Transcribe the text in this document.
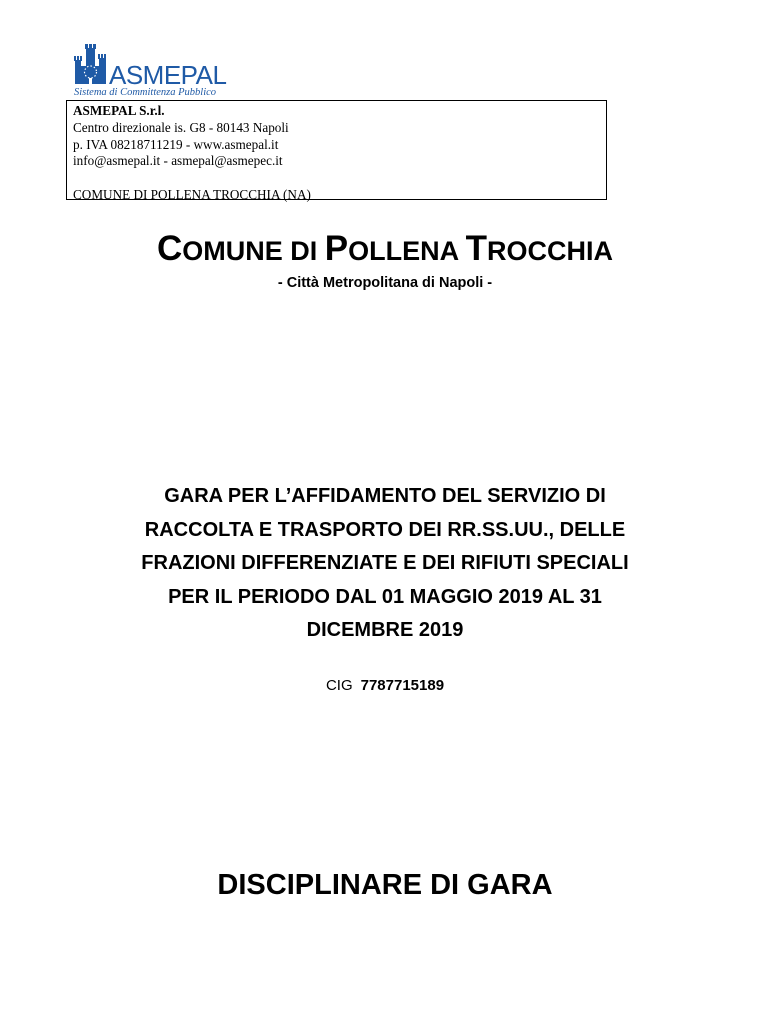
ASMEPAL
Sistema di Committenza Pubblico
ASMEPAL S.r.l.
Centro direzionale is. G8 - 80143 Napoli
p. IVA 08218711219 - www.asmepal.it
info@asmepal.it - asmepal@asmepec.it
COMUNE DI POLLENA TROCCHIA (NA)
COMUNE DI POLLENA TROCCHIA
- Città Metropolitana di Napoli -
GARA PER L’AFFIDAMENTO DEL SERVIZIO DI
RACCOLTA E TRASPORTO DEI RR.SS.UU., DELLE
FRAZIONI DIFFERENZIATE E DEI RIFIUTI SPECIALI
PER IL PERIODO DAL 01 MAGGIO 2019 AL 31
DICEMBRE 2019
CIG 7787715189
DISCIPLINARE DI GARA
